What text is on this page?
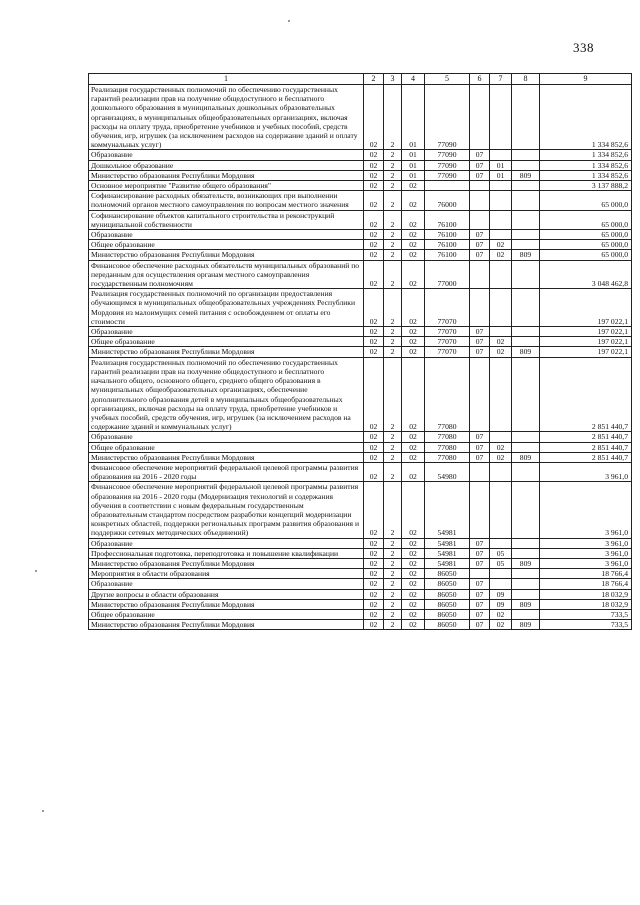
338
1	2	3	4	5	6	7	8	9
Реализация государственных полномочий по обеспечению государственных гарантий реализации прав на получение общедоступного и бесплатного дошкольного образования в муниципальных дошкольных образовательных организациях, в муниципальных общеобразовательных организациях, включая расходы на оплату труда, приобретение учебников и учебных пособий, средств обучения, игр, игрушек (за исключением расходов на содержание зданий и оплату коммунальных услуг)	02	2	01	77090				1 334 852,6
Образование	02	2	01	77090	07			1 334 852,6
Дошкольное образование	02	2	01	77090	07	01		1 334 852,6
Министерство образования Республики Мордовия	02	2	01	77090	07	01	809	1 334 852,6
Основное мероприятие "Развитие общего образования"	02	2	02					3 137 888,2
Софинансирование расходных обязательств, возникающих при выполнении полномочий органов местного самоуправления по вопросам местного значения	02	2	02	76000				65 000,0
Софинансирование объектов капитального строительства и реконструкций муниципальной собственности	02	2	02	76100				65 000,0
Образование	02	2	02	76100	07			65 000,0
Общее образование	02	2	02	76100	07	02		65 000,0
Министерство образования Республики Мордовия	02	2	02	76100	07	02	809	65 000,0
Финансовое обеспечение расходных обязательств муниципальных образований по переданным для осуществления органам местного самоуправления государственным полномочиям	02	2	02	77000				3 048 462,8
Реализация государственных полномочий по организации предоставления обучающимся в муниципальных общеобразовательных учреждениях Республики Мордовия из малоимущих семей питания с освобождением от оплаты его стоимости	02	2	02	77070				197 022,1
Образование	02	2	02	77070	07			197 022,1
Общее образование	02	2	02	77070	07	02		197 022,1
Министерство образования Республики Мордовия	02	2	02	77070	07	02	809	197 022,1
Реализация государственных полномочий по обеспечению государственных гарантий реализации прав на получение общедоступного и бесплатного начального общего, основного общего, среднего общего образования в муниципальных общеобразовательных организациях, обеспечение дополнительного образования детей в муниципальных общеобразовательных организациях, включая расходы на оплату труда, приобретение учебников и учебных пособий, средств обучения, игр, игрушек (за исключением расходов на содержание зданий и коммунальных услуг)	02	2	02	77080				2 851 440,7
Образование	02	2	02	77080	07			2 851 440,7
Общее образование	02	2	02	77080	07	02		2 851 440,7
Министерство образования Республики Мордовия	02	2	02	77080	07	02	809	2 851 440,7
Финансовое обеспечение мероприятий федеральной целевой программы развития образования на 2016 - 2020 годы	02	2	02	54980				3 961,0
Финансовое обеспечение мероприятий федеральной целевой программы развития образования на 2016 - 2020 годы (Модернизация технологий и содержания обучения в соответствии с новым федеральным государственным образовательным стандартом посредством разработки концепций модернизации конкретных областей, поддержки региональных программ развития образования и поддержки сетевых методических объединений)	02	2	02	54981				3 961,0
Образование	02	2	02	54981	07			3 961,0
Профессиональная подготовка, переподготовка и повышение квалификации	02	2	02	54981	07	05		3 961,0
Министерство образования Республики Мордовия	02	2	02	54981	07	05	809	3 961,0
Мероприятия в области образования	02	2	02	86050				18 766,4
Образование	02	2	02	86050	07			18 766,4
Другие вопросы в области образования	02	2	02	86050	07	09		18 032,9
Министерство образования Республики Мордовия	02	2	02	86050	07	09	809	18 032,9
Общее образование	02	2	02	86050	07	02		733,5
Министерство образования Республики Мордовия	02	2	02	86050	07	02	809	733,5
